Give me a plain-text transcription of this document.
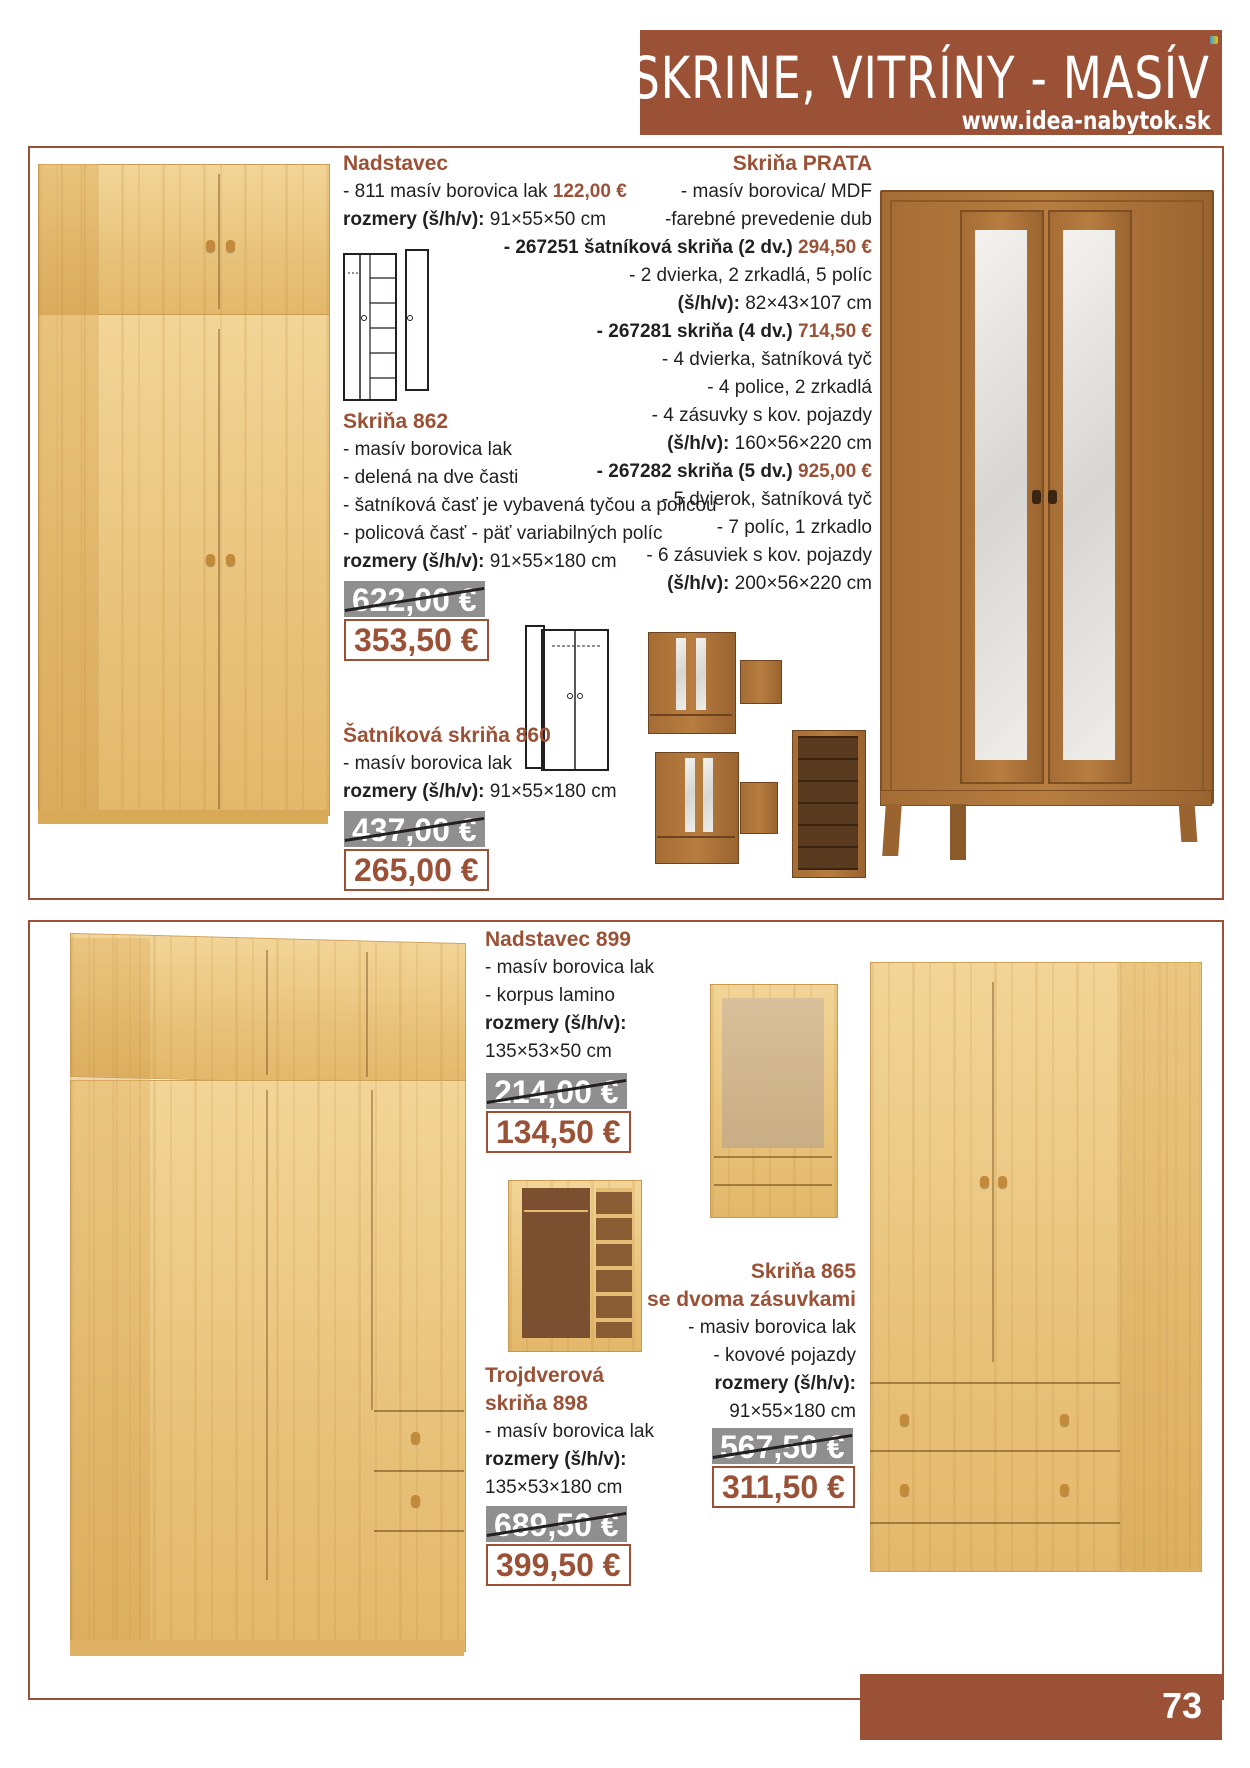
SKRINE, VITRÍNY - MASÍV
www.idea-nabytok.sk
Nadstavec
- 811 masív borovica lak 122,00 €
rozmery (š/h/v): 91×55×50 cm
Skriňa 862
- masív borovica lak
- delená na dve časti
- šatníková časť je vybavená tyčou a policou
- policová časť - päť variabilných políc
rozmery (š/h/v): 91×55×180 cm
622,00 €
353,50 €
Šatníková skriňa 860
- masív borovica lak
rozmery (š/h/v): 91×55×180 cm
437,00 €
265,00 €
Skriňa PRATA
- masív borovica/ MDF
-farebné prevedenie dub
- 267251 šatníková skriňa (2 dv.) 294,50 €
- 2 dvierka, 2 zrkadlá, 5 políc
(š/h/v): 82×43×107 cm
- 267281 skriňa (4 dv.) 714,50 €
- 4 dvierka, šatníková tyč
- 4 police, 2 zrkadlá
- 4 zásuvky s kov. pojazdy
(š/h/v): 160×56×220 cm
- 267282 skriňa (5 dv.) 925,00 €
- 5 dvierok, šatníková tyč
- 7 políc, 1 zrkadlo
- 6 zásuviek s kov. pojazdy
(š/h/v): 200×56×220 cm
Nadstavec 899
- masív borovica lak
- korpus lamino
rozmery (š/h/v):
135×53×50 cm
214,00 €
134,50 €
Trojdverová
skriňa 898
- masív borovica lak
rozmery (š/h/v):
135×53×180 cm
689,50 €
399,50 €
Skriňa 865
se dvoma zásuvkami
- masiv borovica lak
- kovové pojazdy
rozmery (š/h/v):
91×55×180 cm
567,50 €
311,50 €
73
